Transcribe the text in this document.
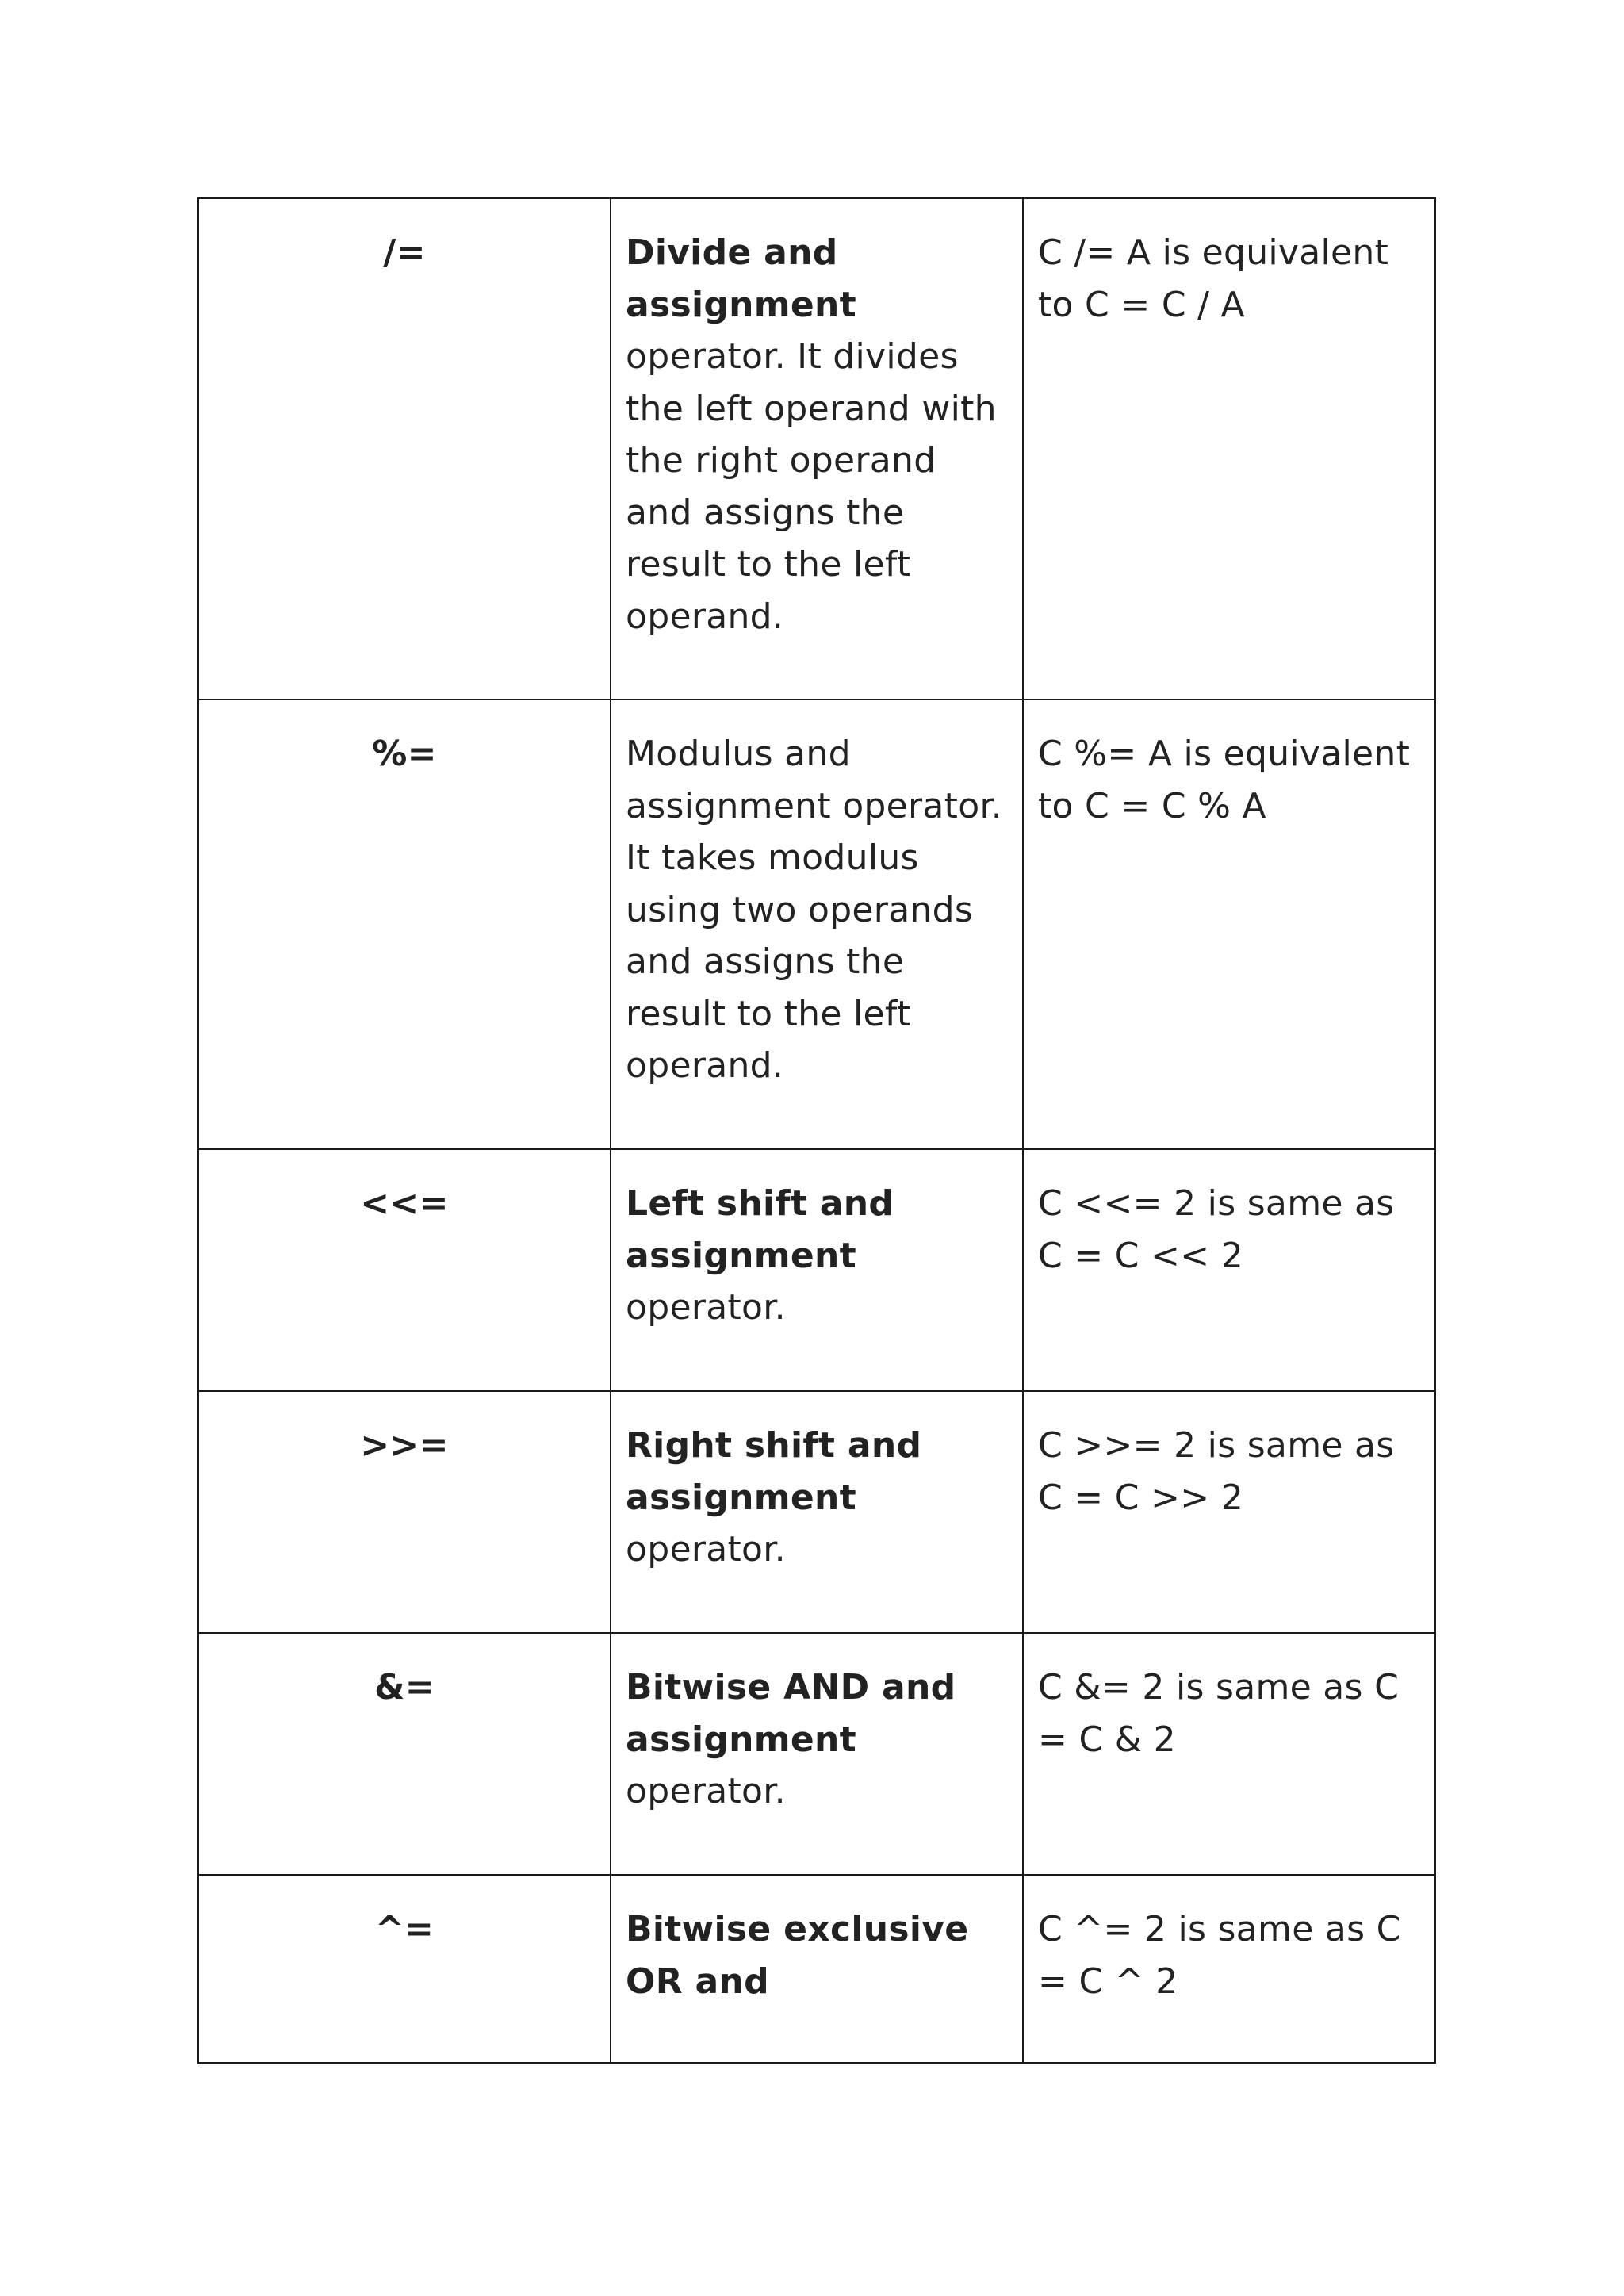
/=	Divide and assignment operator. It divides the left operand with the right operand and assigns the result to the left operand.	C /= A is equivalent to C = C / A
%=	Modulus and assignment operator. It takes modulus using two operands and assigns the result to the left operand.	C %= A is equivalent to C = C % A
<<=	Left shift and assignment operator.	C <<= 2 is same as C = C << 2
>>=	Right shift and assignment operator.	C >>= 2 is same as C = C >> 2
&=	Bitwise AND and assignment operator.	C &= 2 is same as C = C & 2
^=	Bitwise exclusive OR and	C ^= 2 is same as C = C ^ 2
